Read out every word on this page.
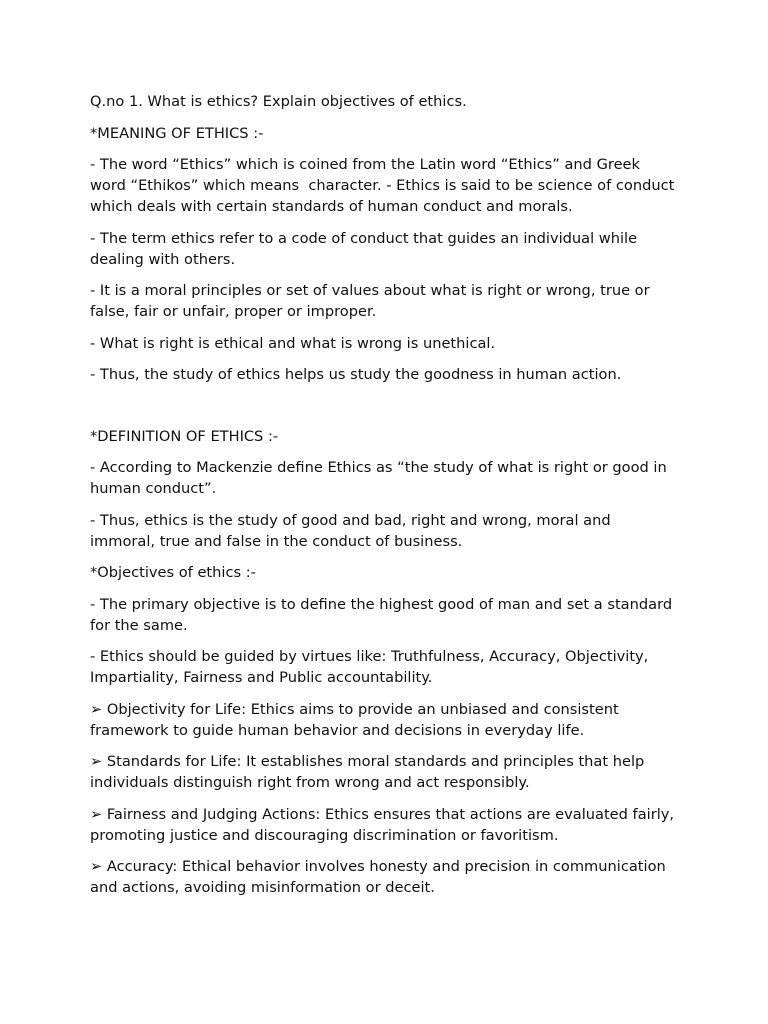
Q.no 1. What is ethics? Explain objectives of ethics.

*MEANING OF ETHICS :-

- The word “Ethics” which is coined from the Latin word “Ethics” and Greek word “Ethikos” which means  character. - Ethics is said to be science of conduct which deals with certain standards of human conduct and morals.

- The term ethics refer to a code of conduct that guides an individual while dealing with others.

- It is a moral principles or set of values about what is right or wrong, true or false, fair or unfair, proper or improper.

- What is right is ethical and what is wrong is unethical.

- Thus, the study of ethics helps us study the goodness in human action.

*DEFINITION OF ETHICS :-

- According to Mackenzie define Ethics as “the study of what is right or good in human conduct”.

- Thus, ethics is the study of good and bad, right and wrong, moral and immoral, true and false in the conduct of business.

*Objectives of ethics :-

- The primary objective is to define the highest good of man and set a standard for the same.

- Ethics should be guided by virtues like: Truthfulness, Accuracy, Objectivity, Impartiality, Fairness and Public accountability.

➢ Objectivity for Life: Ethics aims to provide an unbiased and consistent framework to guide human behavior and decisions in everyday life.

➢ Standards for Life: It establishes moral standards and principles that help individuals distinguish right from wrong and act responsibly.

➢ Fairness and Judging Actions: Ethics ensures that actions are evaluated fairly, promoting justice and discouraging discrimination or favoritism.

➢ Accuracy: Ethical behavior involves honesty and precision in communication and actions, avoiding misinformation or deceit.
